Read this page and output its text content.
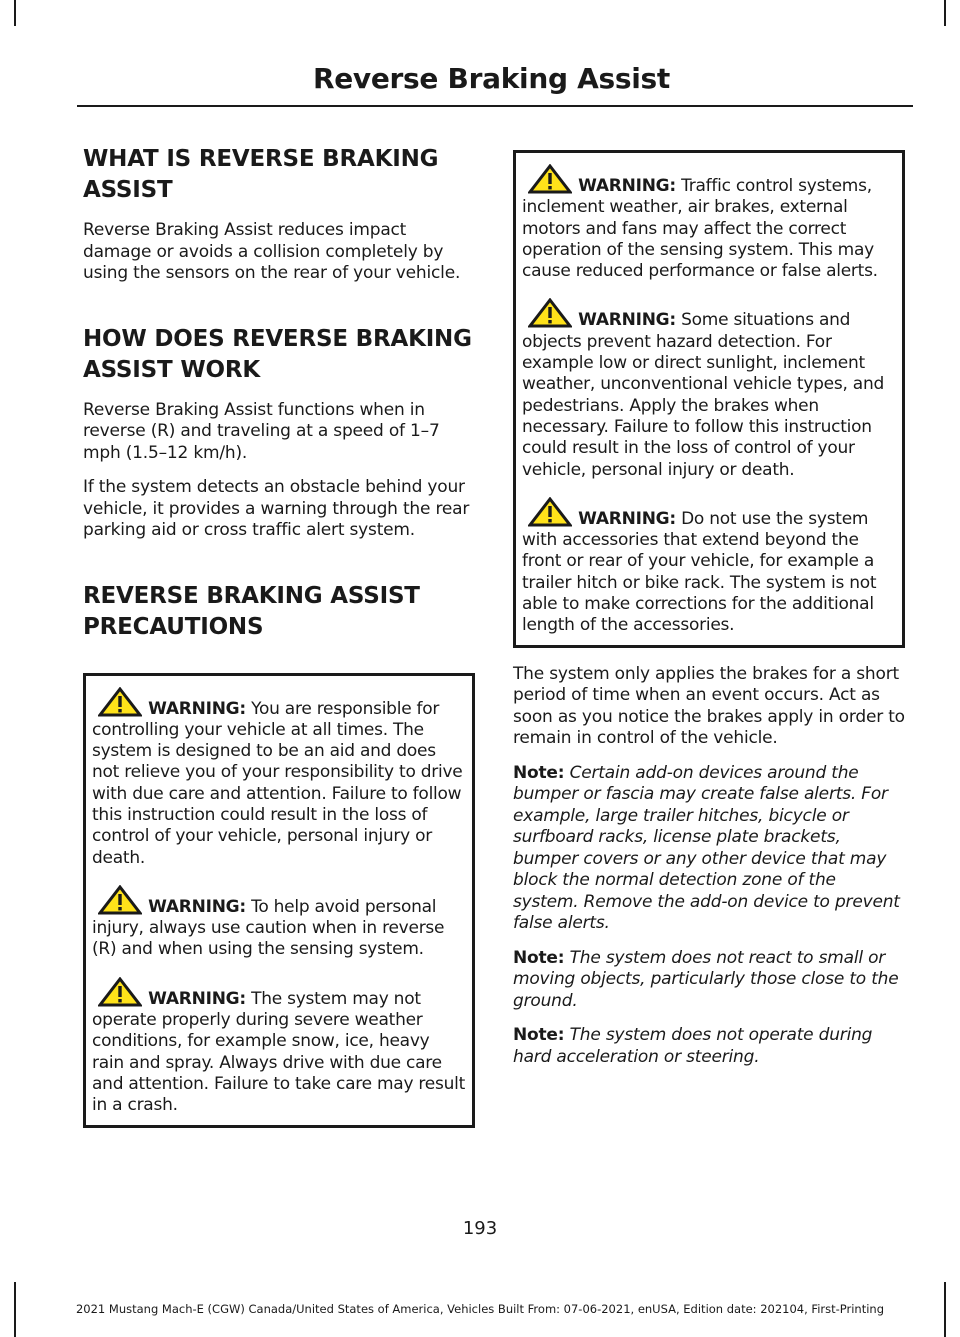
Reverse Braking Assist
WHAT IS REVERSE BRAKING ASSIST

Reverse Braking Assist reduces impact damage or avoids a collision completely by using the sensors on the rear of your vehicle.

HOW DOES REVERSE BRAKING ASSIST WORK

Reverse Braking Assist functions when in reverse (R) and traveling at a speed of 1–7 mph (1.5–12 km/h).

If the system detects an obstacle behind your vehicle, it provides a warning through the rear parking aid or cross traffic alert system.

REVERSE BRAKING ASSIST PRECAUTIONS
WARNING: You are responsible for controlling your vehicle at all times. The system is designed to be an aid and does not relieve you of your responsibility to drive with due care and attention. Failure to follow this instruction could result in the loss of control of your vehicle, personal injury or death.
WARNING: To help avoid personal injury, always use caution when in reverse (R) and when using the sensing system.
WARNING: The system may not operate properly during severe weather conditions, for example snow, ice, heavy rain and spray. Always drive with due care and attention. Failure to take care may result in a crash.
WARNING: Traffic control systems, inclement weather, air brakes, external motors and fans may affect the correct operation of the sensing system. This may cause reduced performance or false alerts.
WARNING: Some situations and objects prevent hazard detection. For example low or direct sunlight, inclement weather, unconventional vehicle types, and pedestrians. Apply the brakes when necessary. Failure to follow this instruction could result in the loss of control of your vehicle, personal injury or death.
WARNING: Do not use the system with accessories that extend beyond the front or rear of your vehicle, for example a trailer hitch or bike rack. The system is not able to make corrections for the additional length of the accessories.

The system only applies the brakes for a short period of time when an event occurs. Act as soon as you notice the brakes apply in order to remain in control of the vehicle.

Note: Certain add-on devices around the bumper or fascia may create false alerts. For example, large trailer hitches, bicycle or surfboard racks, license plate brackets, bumper covers or any other device that may block the normal detection zone of the system. Remove the add-on device to prevent false alerts.

Note: The system does not react to small or moving objects, particularly those close to the ground.

Note: The system does not operate during hard acceleration or steering.

193
2021 Mustang Mach-E (CGW) Canada/United States of America, Vehicles Built From: 07-06-2021, enUSA, Edition date: 202104, First-Printing
